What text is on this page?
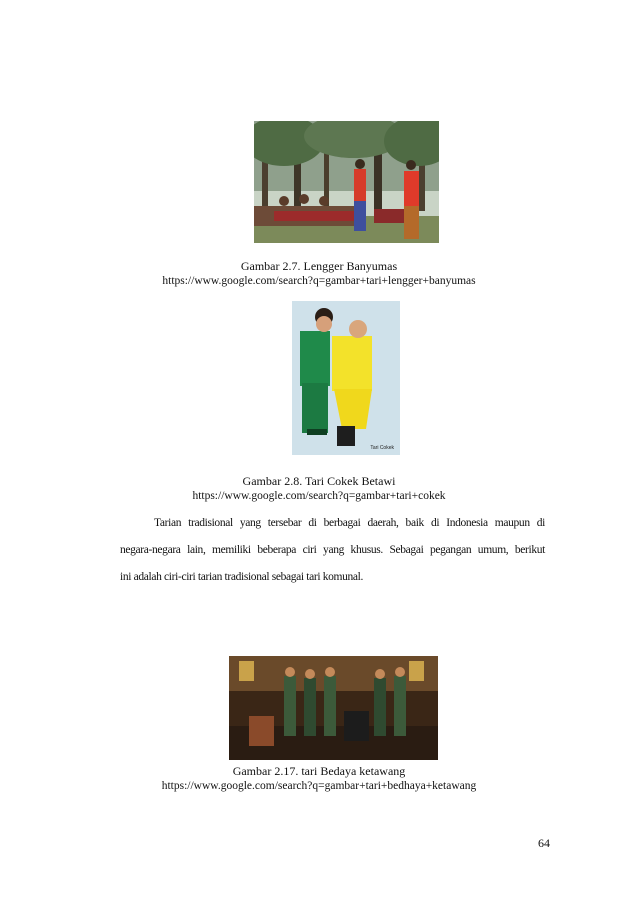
Gambar 2.7. Lengger Banyumas
https://www.google.com/search?q=gambar+tari+lengger+banyumas
Tari Cokek
Gambar 2.8. Tari Cokek Betawi
https://www.google.com/search?q=gambar+tari+cokek
Tarian tradisional yang tersebar di berbagai daerah, baik di Indonesia maupun di
negara-negara lain, memiliki beberapa ciri yang khusus. Sebagai pegangan umum, berikut
ini adalah ciri-ciri tarian tradisional sebagai tari komunal.
Gambar 2.17. tari Bedaya ketawang
https://www.google.com/search?q=gambar+tari+bedhaya+ketawang
64
